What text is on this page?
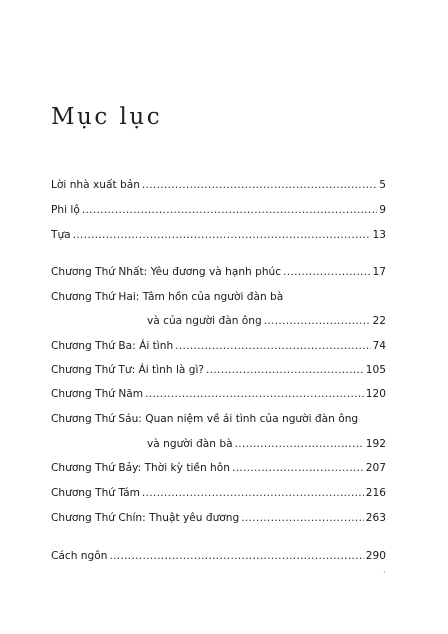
Mục lục
Lời nhà xuất bản .....	5
Phi lộ .....	9
Tựa .....	13
Chương Thứ Nhất: Yêu đương và hạnh phúc .....	17
Chương Thứ Hai: Tâm hồn của người đàn bà
và của người đàn ông .....	22
Chương Thứ Ba: Ái tình .....	74
Chương Thứ Tư: Ái tình là gì? .....	105
Chương Thứ Năm .....	120
Chương Thứ Sáu: Quan niệm về ái tình của người đàn ông
và người đàn bà .....	192
Chương Thứ Bảy: Thời kỳ tiền hôn .....	207
Chương Thứ Tám .....	216
Chương Thứ Chín: Thuật yêu đương .....	263
Cách ngôn .....	290
·
